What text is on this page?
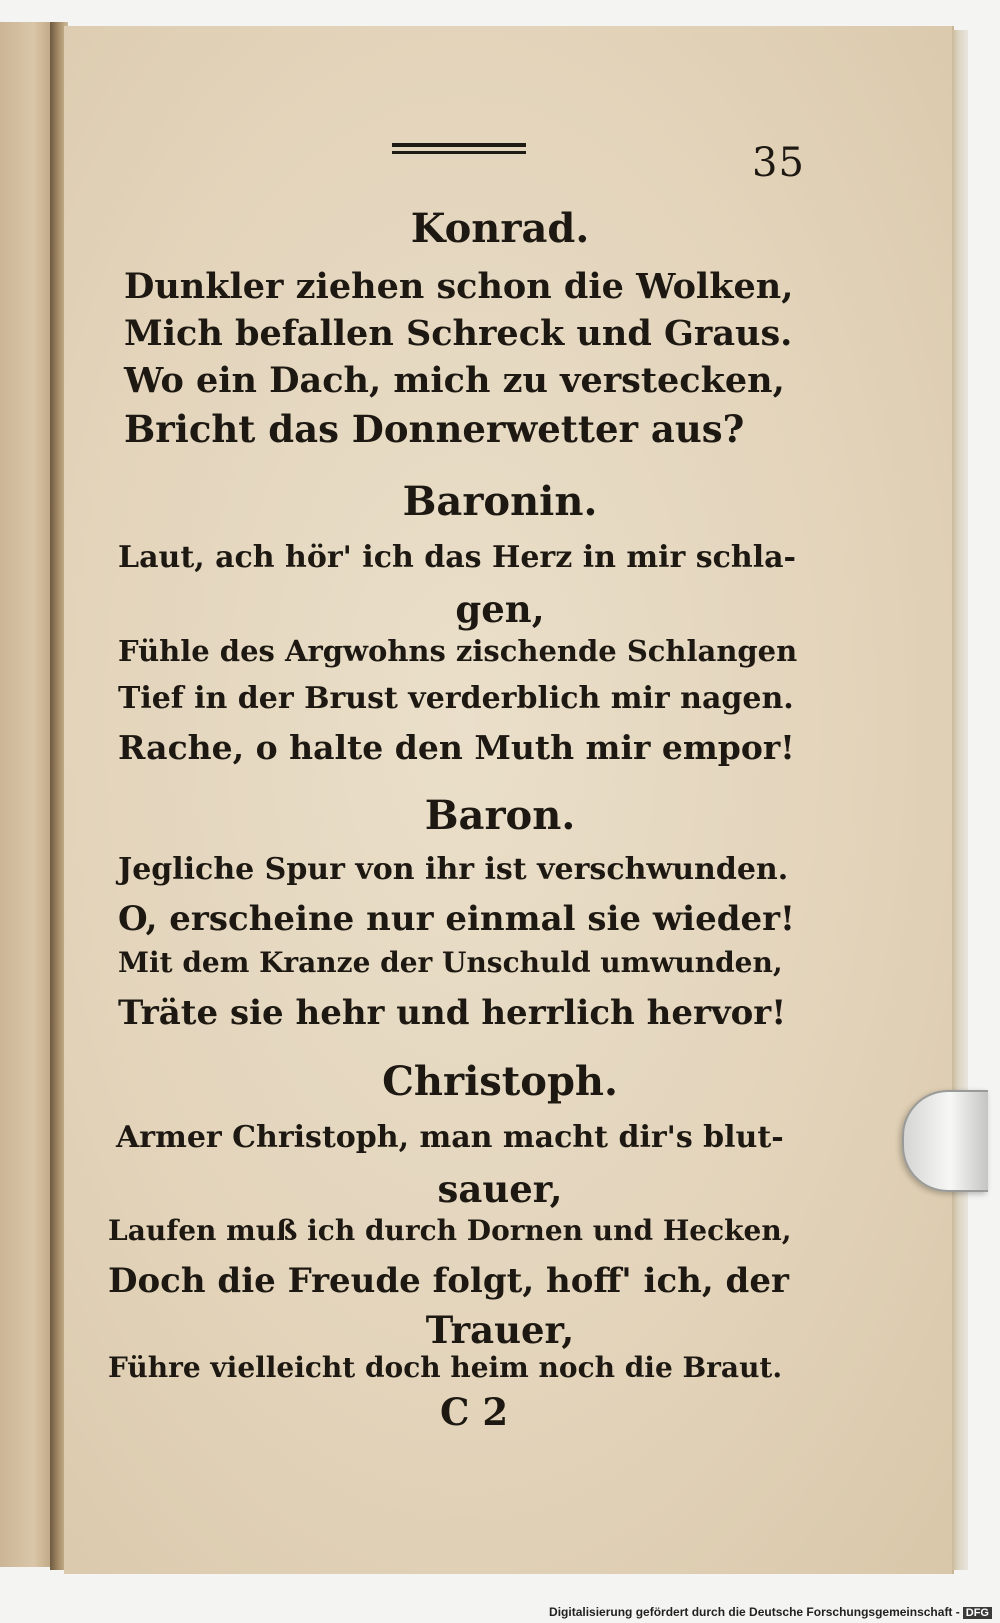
35
Konrad.
Dunkler ziehen schon die Wolken,
Mich befallen Schreck und Graus.
Wo ein Dach, mich zu verstecken,
Bricht das Donnerwetter aus?
Baronin.
Laut, ach hör' ich das Herz in mir schla-
gen,
Fühle des Argwohns zischende Schlangen
Tief in der Brust verderblich mir nagen.
Rache, o halte den Muth mir empor!
Baron.
Jegliche Spur von ihr ist verschwunden.
O, erscheine nur einmal sie wieder!
Mit dem Kranze der Unschuld umwunden,
Träte sie hehr und herrlich hervor!
Christoph.
Armer Christoph, man macht dir's blut-
sauer,
Laufen muß ich durch Dornen und Hecken,
Doch die Freude folgt, hoff' ich, der
Trauer,
Führe vielleicht doch heim noch die Braut.
C 2
Digitalisierung gefördert durch die Deutsche Forschungsgemeinschaft - DFG
